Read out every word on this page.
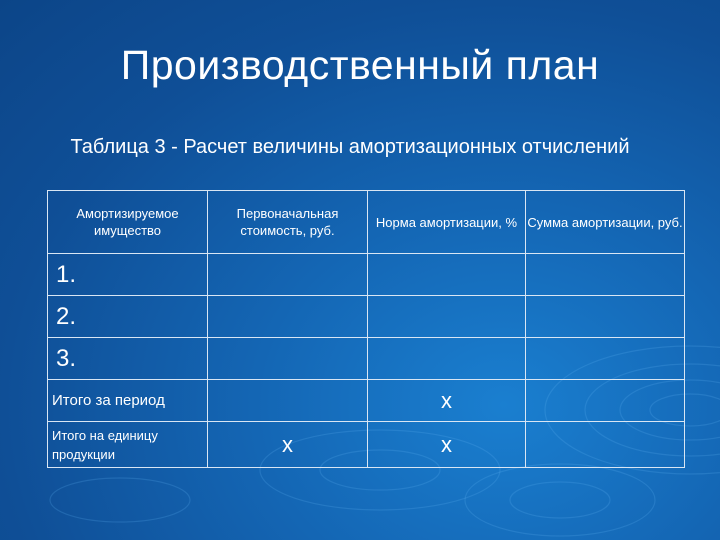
Производственный план
Таблица 3 - Расчет величины амортизационных отчислений
Амортизируемое имущество	Первоначальная стоимость, руб.	Норма амортизации, %	Сумма амортизации, руб.
1.			
2.			
3.			
Итого за период		х	
Итого на единицу продукции	х	х	
